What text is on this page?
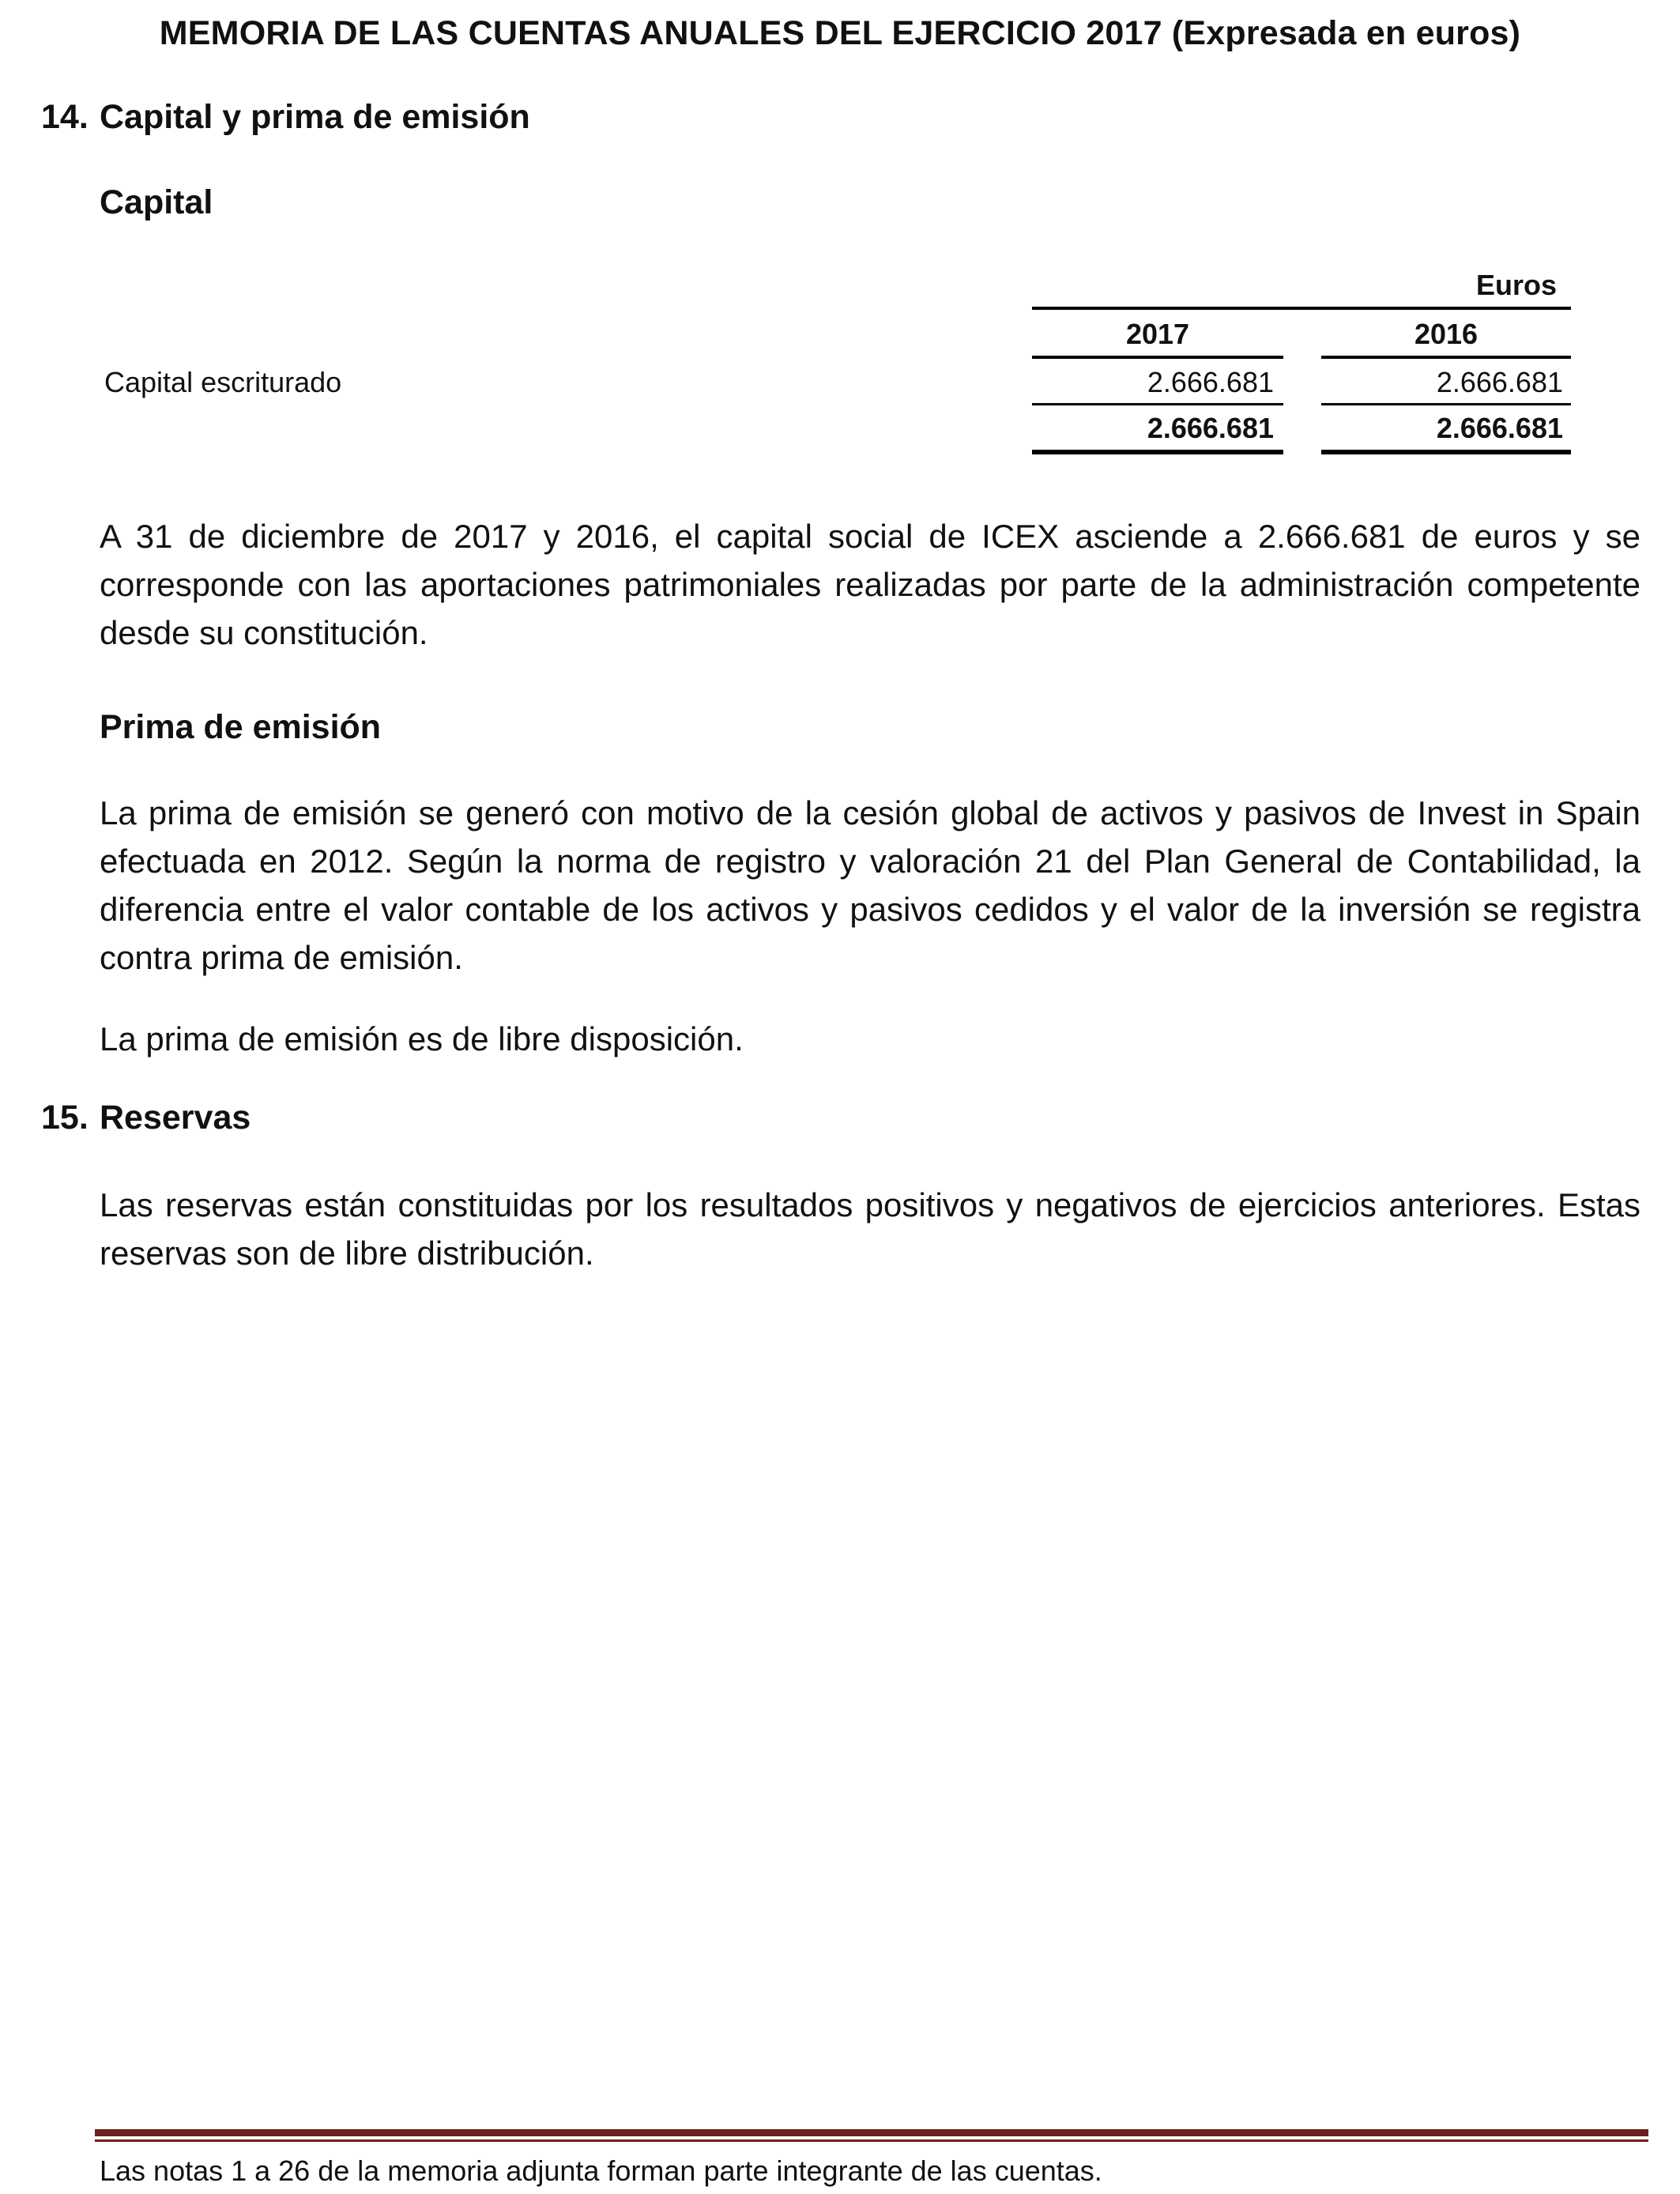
MEMORIA DE LAS CUENTAS ANUALES DEL EJERCICIO 2017 (Expresada en euros)
14. Capital y prima de emisión
Capital
Euros
2017	2016
Capital escriturado	2.666.681	2.666.681
2.666.681	2.666.681
A 31 de diciembre de 2017 y 2016, el capital social de ICEX asciende a 2.666.681 de euros y se corresponde con las aportaciones patrimoniales realizadas por parte de la administración competente desde su constitución.
Prima de emisión
La prima de emisión se generó con motivo de la cesión global de activos y pasivos de Invest in Spain efectuada en 2012. Según la norma de registro y valoración 21 del Plan General de Contabilidad, la diferencia entre el valor contable de los activos y pasivos cedidos y el valor de la inversión se registra contra prima de emisión.
La prima de emisión es de libre disposición.
15. Reservas
Las reservas están constituidas por los resultados positivos y negativos de ejercicios anteriores. Estas reservas son de libre distribución.
Las notas 1 a 26 de la memoria adjunta forman parte integrante de las cuentas.
